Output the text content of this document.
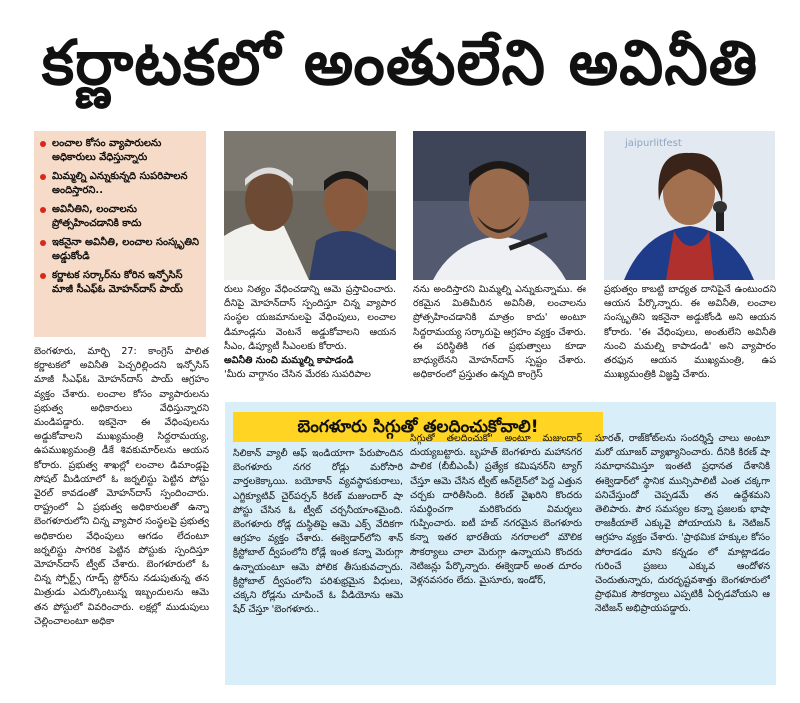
కర్ణాటకలో అంతులేని అవినీతి
లంచాల కోసం వ్యాపారులను అధికారులు వేధిస్తున్నారు
మిమ్మల్ని ఎన్నుకున్నది సుపరిపాలన అందిస్తారని..
అవినీతిని, లంచాలను ప్రోత్సహించడానికి కాదు
ఇకనైనా అవినీతి, లంచాల సంస్కృతిని అడ్డుకోండి
కర్ణాటక సర్కార్‌ను కోరిన ఇన్ఫోసిస్ మాజీ సీఎఫ్ఓ మోహన్‌దాస్ పాయ్
jaipurlitfest

బెంగళూరు, మార్చి 27: కాంగ్రెస్ పాలిత కర్ణాటకలో అవినీతి పెచ్చరిల్లిందని ఇన్ఫోసిస్ మాజీ సీఎఫ్ఓ మోహన్‌దాస్ పాయ్ ఆగ్రహం వ్యక్తం చేశారు. లంచాల కోసం వ్యాపారులను ప్రభుత్వ అధికారులు వేధిస్తున్నారని మండిపడ్డారు. ఇకనైనా ఈ వేధింపులను అడ్డుకోవాలని ముఖ్యమంత్రి సిద్దరామయ్య, ఉపముఖ్యమంత్రి డీకే శివకుమార్‌లను ఆయన కోరారు. ప్రభుత్వ శాఖల్లో లంచాల డిమాండ్లపై సోషల్ మీడియాలో ఓ జర్నలిస్టు పెట్టిన పోస్టు వైరల్ కావడంతో మోహన్‌దాస్ స్పందించారు. రాష్ట్రంలో ఏ ప్రభుత్వ అధికారులతో ఉన్నా బెంగళూరులోని చిన్న వ్యాపార సంస్థలపై ప్రభుత్వ అధికారుల వేధింపులు ఆగడం లేదంటూ జర్నలిస్టు సాగరిక పెట్టిన పోస్టుకు స్పందిస్తూ మోహన్‌దాస్ ట్వీట్ చేశారు. బెంగళూరులో ఓ చిన్న స్పోర్ట్స్ గూడ్స్ స్టోర్‌ను నడుపుతున్న తన మిత్రుడు ఎదుర్కొంటున్న ఇబ్బందులను ఆమె తన పోస్టులో వివరించారు. లక్షల్లో ముడుపులు చెల్లించాలంటూ అధికా

రులు నిత్యం వేధించడాన్ని ఆమె ప్రస్తావించారు. దీనిపై మోహన్‌దాస్ స్పందిస్తూ చిన్న వ్యాపార సంస్థల యజమానులపై వేధింపులు, లంచాల డిమాండ్లను వెంటనే అడ్డుకోవాలని ఆయన సీఎం, డిప్యూటీ సీఎంలకు కోరారు.

అవినీతి నుంచి మమ్మల్ని కాపాడండి

'మీరు వాగ్దానం చేసిన మేరకు సుపరిపాల

నను అందిస్తారని మిమ్మల్ని ఎన్నుకున్నాము. ఈ రకమైన మితిమీరిన అవినీతి, లంచాలను ప్రోత్సహించడానికి మాత్రం కాదు' అంటూ సిద్దరామయ్య సర్కారుపై ఆగ్రహం వ్యక్తం చేశారు. ఈ పరిస్థితికి గత ప్రభుత్వాలు కూడా బాధ్యులేనని మోహన్‌దాస్ స్పష్టం చేశారు. అధికారంలో ప్రస్తుతం ఉన్నది కాంగ్రెస్

ప్రభుత్వం కాబట్టి బాధ్యత దానిపైనే ఉంటుందని ఆయన పేర్కొన్నారు. ఈ అవినీతి, లంచాల సంస్కృతిని ఇకనైనా అడ్డుకోండి అని ఆయన కోరారు. 'ఈ వేధింపులు, అంతులేని అవినీతి నుంచి మమల్ని కాపాడండి' అని వ్యాపారం తరఫున ఆయన ముఖ్యమంత్రి, ఉప ముఖ్యమంత్రికి విజ్ఞప్తి చేశారు.

బెంగళూరు సిగ్గుతో తలదించుకోవాలి!

సిలికాన్ వ్యాలీ ఆఫ్ ఇండియాగా పేరుపొందిన బెంగళూరు నగర రోడ్లు మరోసారి వార్తలకెక్కాయి. బయోకాన్ వ్యవస్థాపకురాలు, ఎగ్జిక్యూటివ్ చైర్‌పర్సన్ కిరణ్ మజుందార్ షా పోస్టు చేసిన ఓ ట్వీట్ చర్చనీయాంశమైంది. బెంగళూరు రోడ్ల దుస్థితిపై ఆమె ఎక్స్ వేదికగా ఆగ్రహం వ్యక్తం చేశారు. ఈక్వెడార్‌లోని శాన్ క్రిస్టోబాల్ ద్వీపంలోని రోడ్లే ఇంత కన్నా మెరుగ్గా ఉన్నాయంటూ ఆమె పోలిక తీసుకువచ్చారు. క్రిస్టోబాల్ ద్వీపంలోని పరిశుభ్రమైన వీధులు, చక్కని రోడ్లను చూపించే ఓ వీడియోను ఆమె షేర్ చేస్తూ 'బెంగళూరు..

సిగ్గుతో తలదించుకో' అంటూ మజుందార్ దుయ్యబట్టారు. బృహత్ బెంగళూరు మహానగర పాలిక (బీబీఎంపీ) ప్రత్యేక కమిషనర్‌ని ట్యాగ్ చేస్తూ ఆమె చేసిన ట్వీట్ ఆన్‌లైన్‌లో పెద్ద ఎత్తున చర్చకు దారితీసింది. కిరణ్ వైఖరిని కొందరు సమర్థించగా మరికొందరు విమర్శలు గుప్పించారు. ఐటీ హబ్ నగరమైన బెంగళూరు కన్నా ఇతర భారతీయ నగరాలలో మౌలిక సౌకర్యాలు చాలా మెరుగ్గా ఉన్నాయని కొందరు నెటిజన్లు పేర్కొన్నారు. ఈక్వెడార్ అంత దూరం వెళ్లనవసరం లేదు. మైసూరు, ఇండోర్,

సూరత్, రాజ్‌కోట్‌లను సందర్శిస్తే చాలు అంటూ మరో యూజర్ వ్యాఖ్యానించారు. దీనికి కిరణ్ షా సమాధానమిస్తూ ఇంతటి ప్రధానత దేశానికి ఈక్వెడార్‌లో స్థానిక మున్సిపాలిటీ ఎంత చక్కగా పనిచేస్తుందో చెప్పడమే తన ఉద్దేశమని తెలిపారు. పౌర సమస్యల కన్నా ప్రజలకు భాషా రాజకీయాలే ఎక్కువై పోయాయని ఓ నెటిజన్ ఆగ్రహం వ్యక్తం చేశారు. 'ప్రాథమిక హక్కుల కోసం పోరాడడం మాని కన్నడం లో మాట్లాడడం గురించే ప్రజలు ఎక్కువ ఆందోళన చెందుతున్నారు, దురదృష్టవశాత్తు బెంగళూరులో ప్రాథమిక సౌకర్యాలు ఎప్పటికీ ఏర్పడవోయని ఆ నెటిజన్ అభిప్రాయపడ్డారు.
